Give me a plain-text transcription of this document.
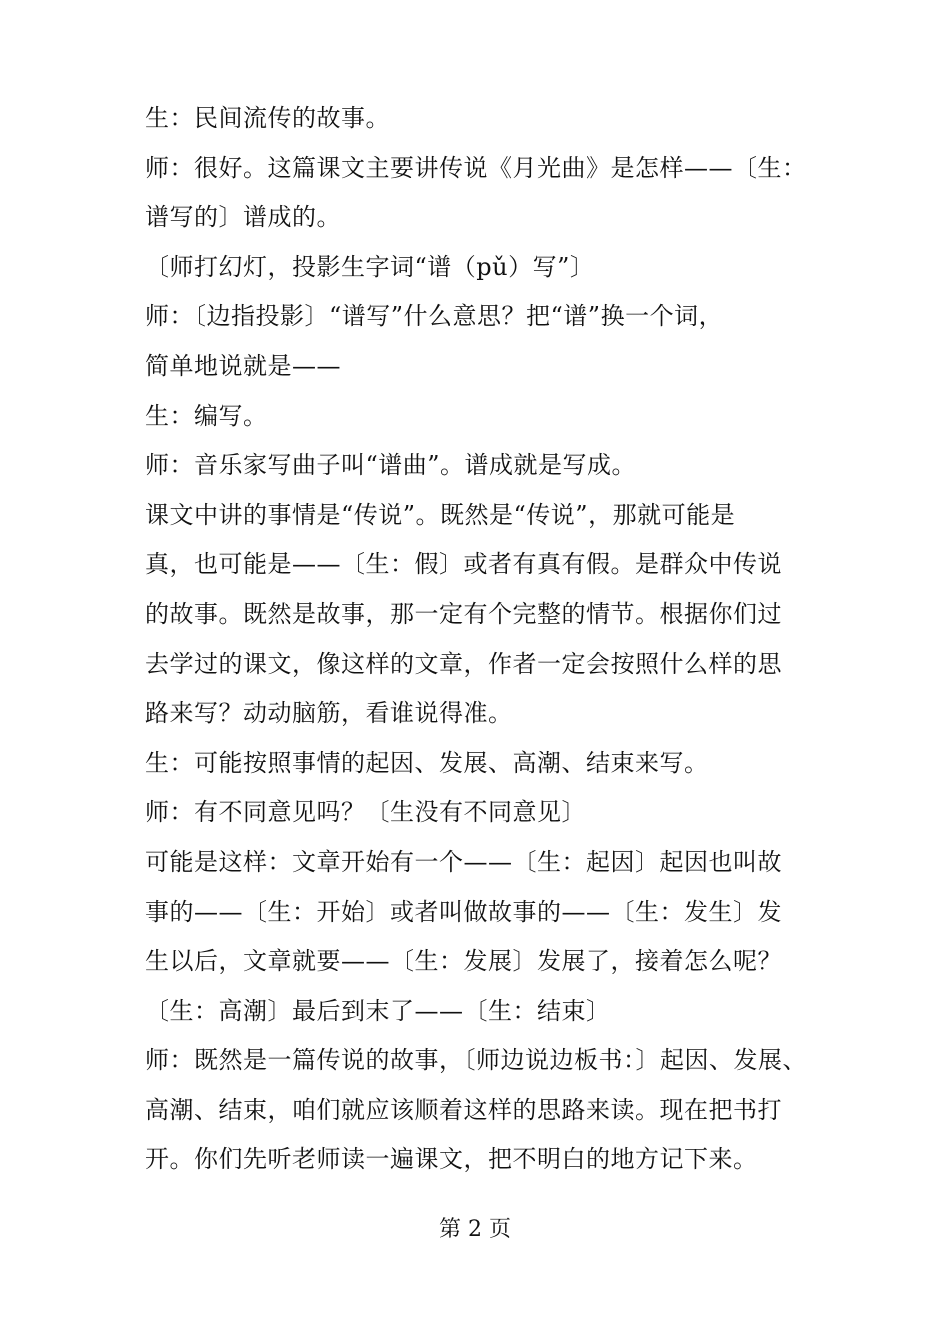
生：民间流传的故事。
师：很好。这篇课文主要讲传说《月光曲》是怎样——〔生：
谱写的〕谱成的。
〔师打幻灯，投影生字词“谱（pǔ）写”〕
师：〔边指投影〕“谱写”什么意思？把“谱”换一个词，
简单地说就是——
生：编写。
师：音乐家写曲子叫“谱曲”。谱成就是写成。
课文中讲的事情是“传说”。既然是“传说”，那就可能是
真，也可能是——〔生：假〕或者有真有假。是群众中传说
的故事。既然是故事，那一定有个完整的情节。根据你们过
去学过的课文，像这样的文章，作者一定会按照什么样的思
路来写？动动脑筋，看谁说得准。
生：可能按照事情的起因、发展、高潮、结束来写。
师：有不同意见吗？〔生没有不同意见〕
可能是这样：文章开始有一个——〔生：起因〕起因也叫故
事的——〔生：开始〕或者叫做故事的——〔生：发生〕发
生以后，文章就要——〔生：发展〕发展了，接着怎么呢？
〔生：高潮〕最后到末了——〔生：结束〕
师：既然是一篇传说的故事，〔师边说边板书：〕起因、发展、
高潮、结束，咱们就应该顺着这样的思路来读。现在把书打
开。你们先听老师读一遍课文，把不明白的地方记下来。
第 2 页
